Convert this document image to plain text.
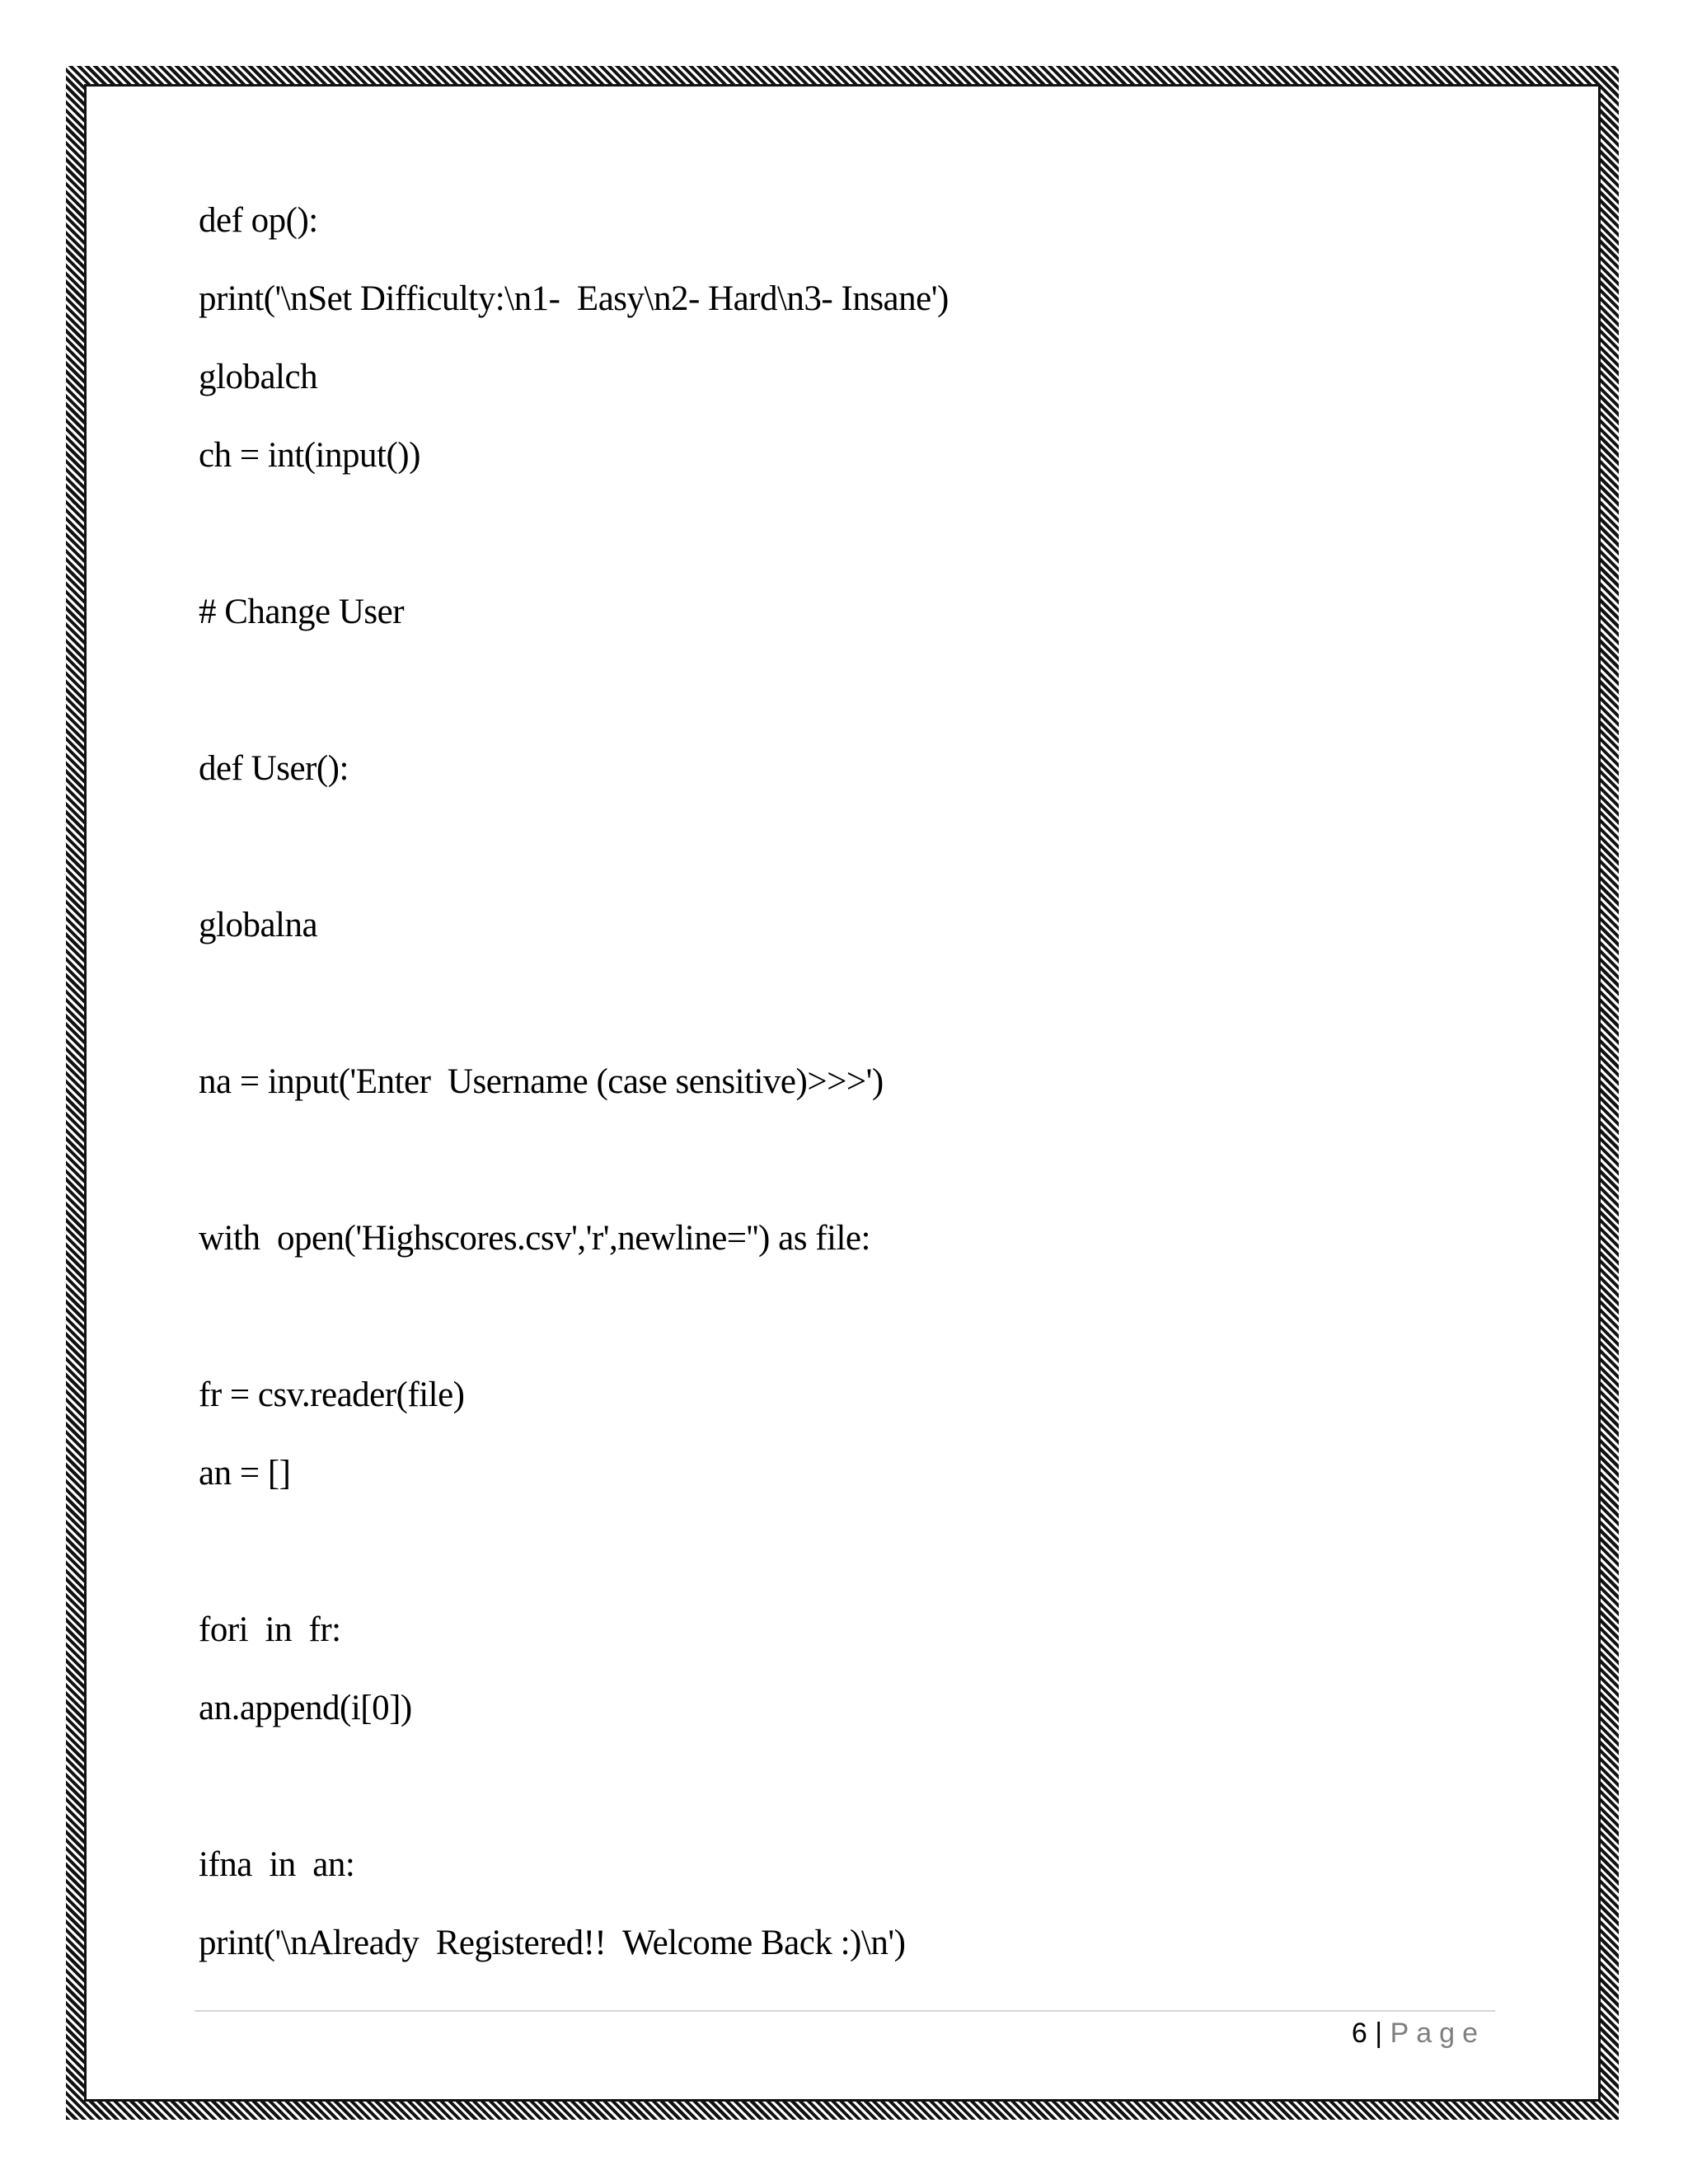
def op():
print('\nSet Difficulty:\n1-  Easy\n2- Hard\n3- Insane')
globalch
ch = int(input())
# Change User
def User():
globalna
na = input('Enter  Username (case sensitive)>>>')
with  open('Highscores.csv','r',newline='') as file:
fr = csv.reader(file)
an = []
fori  in  fr:
an.append(i[0])
ifna  in  an:
print('\nAlready  Registered!!  Welcome Back :)\n')
6 | Page
